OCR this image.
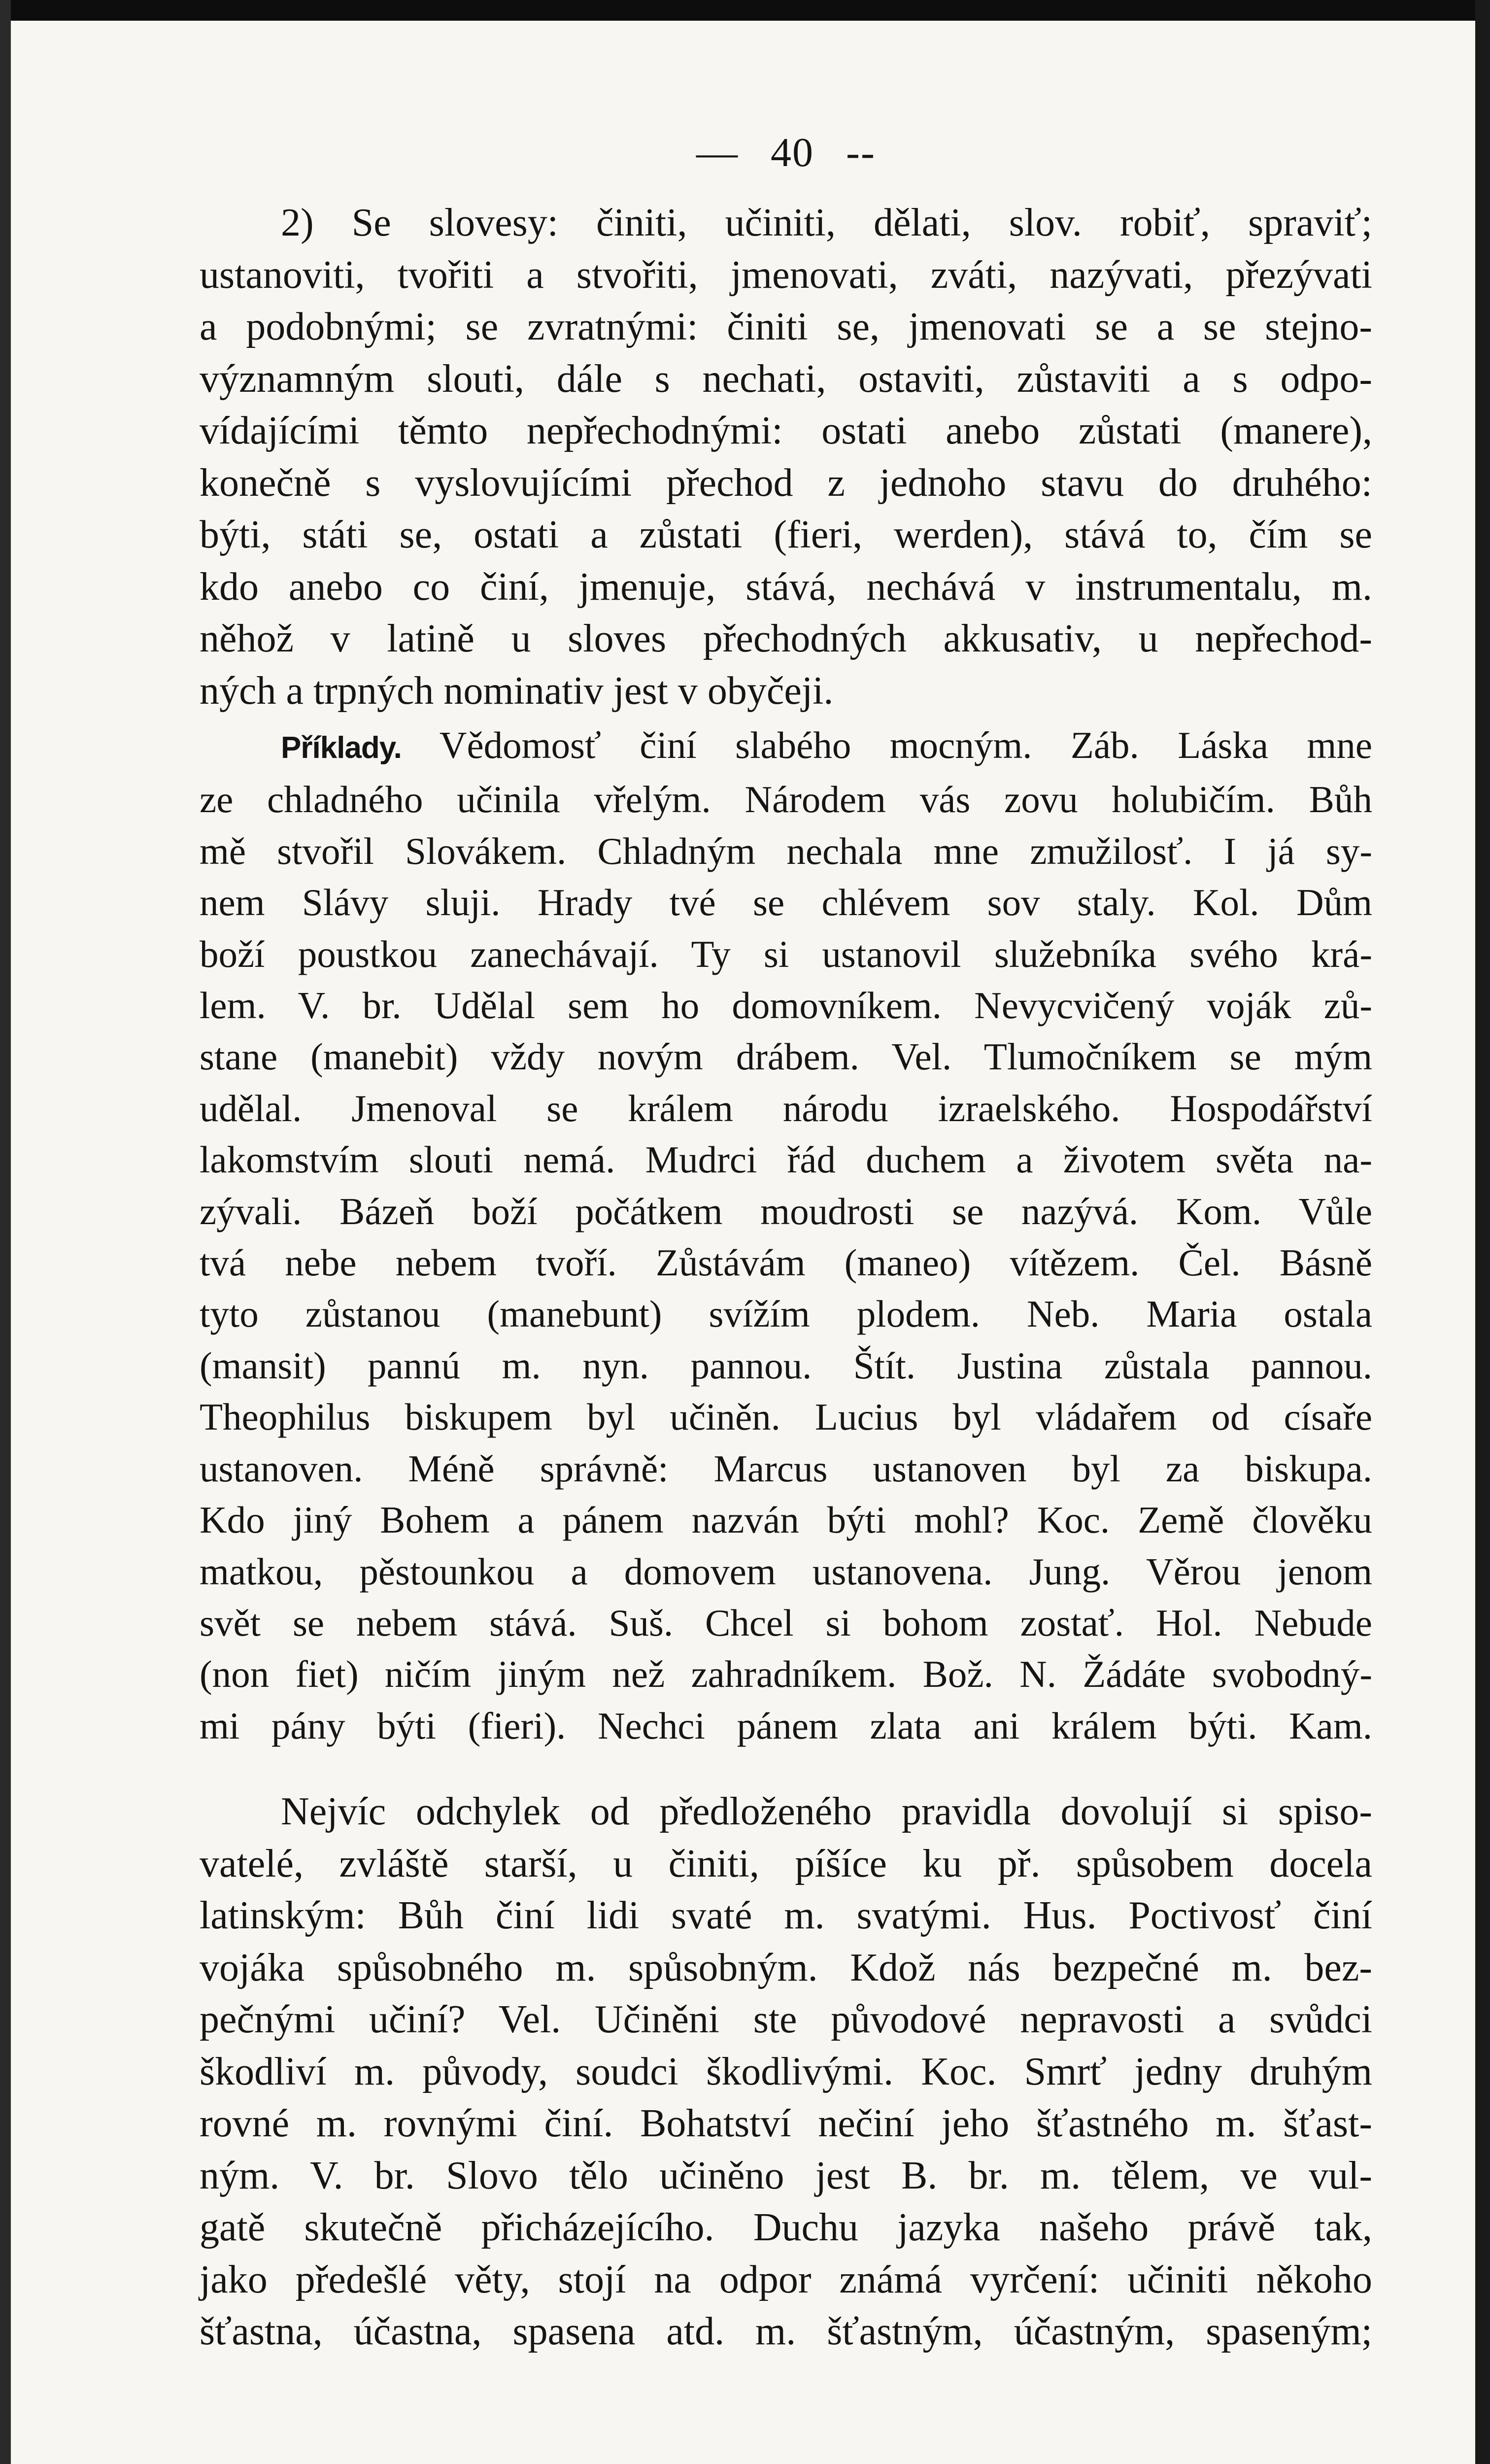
— 40 --
2) Se slovesy: činiti, učiniti, dělati, slov. robiť, spraviť;
ustanoviti, tvořiti a stvořiti, jmenovati, zváti, nazývati, přezývati
a podobnými; se zvratnými: činiti se, jmenovati se a se stejno-
významným slouti, dále s nechati, ostaviti, zůstaviti a s odpo-
vídajícími těmto nepřechodnými: ostati anebo zůstati (manere),
konečně s vyslovujícími přechod z jednoho stavu do druhého:
býti, státi se, ostati a zůstati (fieri, werden), stává to, čím se
kdo anebo co činí, jmenuje, stává, nechává v instrumentalu, m.
něhož v latině u sloves přechodných akkusativ, u nepřechod-
ných a trpných nominativ jest v obyčeji.
Příklady. Vědomosť činí slabého mocným. Záb. Láska mne
ze chladného učinila vřelým. Národem vás zovu holubičím. Bůh
mě stvořil Slovákem. Chladným nechala mne zmužilosť. I já sy-
nem Slávy sluji. Hrady tvé se chlévem sov staly. Kol. Dům
boží poustkou zanechávají. Ty si ustanovil služebníka svého krá-
lem. V. br. Udělal sem ho domovníkem. Nevycvičený voják zů-
stane (manebit) vždy novým drábem. Vel. Tlumočníkem se mým
udělal. Jmenoval se králem národu izraelského. Hospodářství
lakomstvím slouti nemá. Mudrci řád duchem a životem světa na-
zývali. Bázeň boží počátkem moudrosti se nazývá. Kom. Vůle
tvá nebe nebem tvoří. Zůstávám (maneo) vítězem. Čel. Básně
tyto zůstanou (manebunt) svížím plodem. Neb. Maria ostala
(mansit) pannú m. nyn. pannou. Štít. Justina zůstala pannou.
Theophilus biskupem byl učiněn. Lucius byl vládařem od císaře
ustanoven. Méně správně: Marcus ustanoven byl za biskupa.
Kdo jiný Bohem a pánem nazván býti mohl? Koc. Země člověku
matkou, pěstounkou a domovem ustanovena. Jung. Věrou jenom
svět se nebem stává. Suš. Chcel si bohom zostať. Hol. Nebude
(non fiet) ničím jiným než zahradníkem. Bož. N. Žádáte svobodný-
mi pány býti (fieri). Nechci pánem zlata ani králem býti. Kam.
Nejvíc odchylek od předloženého pravidla dovolují si spiso-
vatelé, zvláště starší, u činiti, píšíce ku př. spůsobem docela
latinským: Bůh činí lidi svaté m. svatými. Hus. Poctivosť činí
vojáka spůsobného m. spůsobným. Kdož nás bezpečné m. bez-
pečnými učiní? Vel. Učiněni ste původové nepravosti a svůdci
škodliví m. původy, soudci škodlivými. Koc. Smrť jedny druhým
rovné m. rovnými činí. Bohatství nečiní jeho šťastného m. šťast-
ným. V. br. Slovo tělo učiněno jest B. br. m. tělem, ve vul-
gatě skutečně přicházejícího. Duchu jazyka našeho právě tak,
jako předešlé věty, stojí na odpor známá vyrčení: učiniti někoho
šťastna, účastna, spasena atd. m. šťastným, účastným, spaseným;
